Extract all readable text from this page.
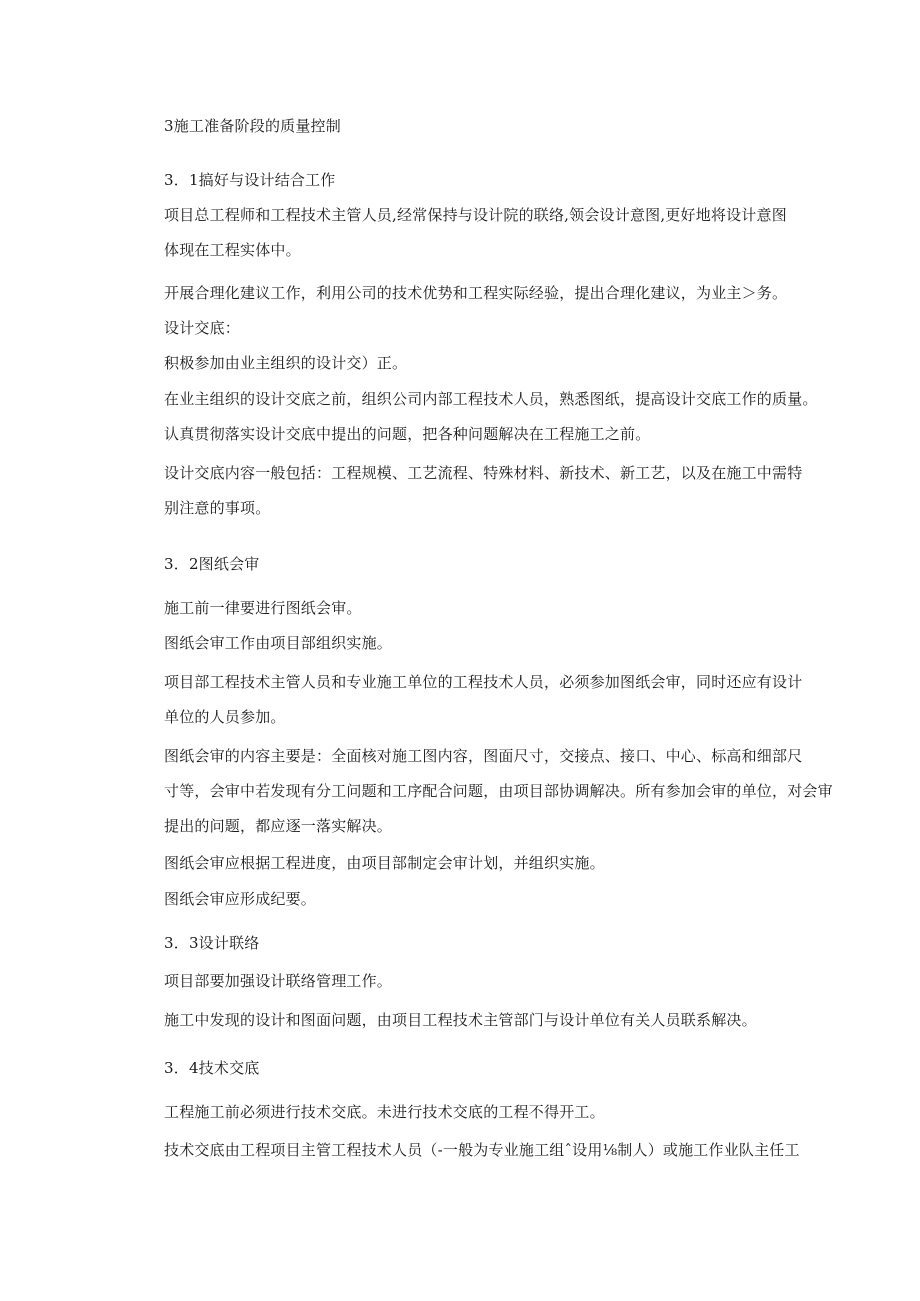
3施工准备阶段的质量控制
3．1搞好与设计结合工作
项目总工程师和工程技术主管人员,经常保持与设计院的联络,领会设计意图,更好地将设计意图
体现在工程实体中。
开展合理化建议工作，利用公司的技术优势和工程实际经验，提出合理化建议，为业主＞务。
设计交底：
积极参加由业主组织的设计交）正。
在业主组织的设计交底之前，组织公司内部工程技术人员，熟悉图纸，提高设计交底工作的质量。
认真贯彻落实设计交底中提出的问题，把各种问题解决在工程施工之前。
设计交底内容一般包括：工程规模、工艺流程、特殊材料、新技术、新工艺，以及在施工中需特
别注意的事项。
3．2图纸会审
施工前一律要进行图纸会审。
图纸会审工作由项目部组织实施。
项目部工程技术主管人员和专业施工单位的工程技术人员，必须参加图纸会审，同时还应有设计
单位的人员参加。
图纸会审的内容主要是：全面核对施工图内容，图面尺寸，交接点、接口、中心、标高和细部尺
寸等，会审中若发现有分工问题和工序配合问题，由项目部协调解决。所有参加会审的单位，对会审
提出的问题，都应逐一落实解决。
图纸会审应根据工程进度，由项目部制定会审计划，并组织实施。
图纸会审应形成纪要。
3．3设计联络
项目部要加强设计联络管理工作。
施工中发现的设计和图面问题，由项目工程技术主管部门与设计单位有关人员联系解决。
3．4技术交底
工程施工前必须进行技术交底。未进行技术交底的工程不得开工。
技术交底由工程项目主管工程技术人员（-一般为专业施工组ˆ设用⅛制人）或施工作业队主任工
